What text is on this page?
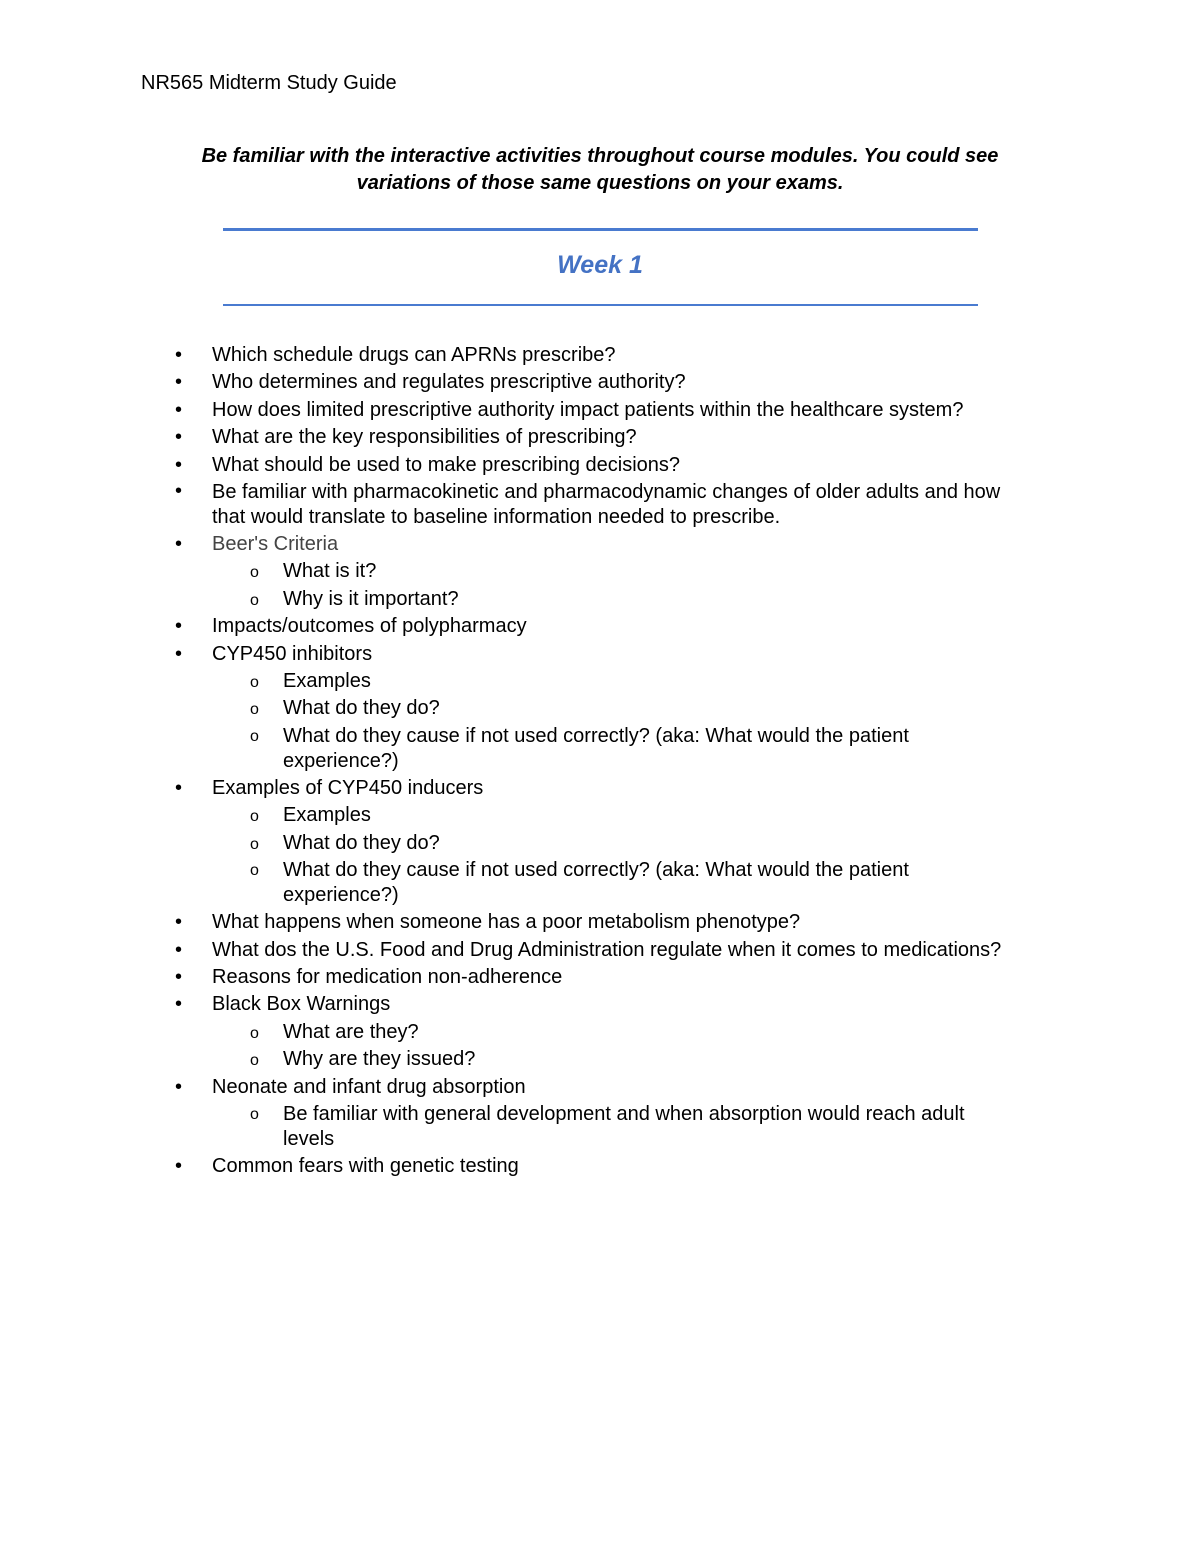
NR565 Midterm Study Guide
Be familiar with the interactive activities throughout course modules. You could see variations of those same questions on your exams.
Week 1
• Which schedule drugs can APRNs prescribe?
• Who determines and regulates prescriptive authority?
• How does limited prescriptive authority impact patients within the healthcare system?
• What are the key responsibilities of prescribing?
• What should be used to make prescribing decisions?
• Be familiar with pharmacokinetic and pharmacodynamic changes of older adults and how that would translate to baseline information needed to prescribe.
• Beer's Criteria
o What is it?
o Why is it important?
• Impacts/outcomes of polypharmacy
• CYP450 inhibitors
o Examples
o What do they do?
o What do they cause if not used correctly? (aka: What would the patient experience?)
• Examples of CYP450 inducers
o Examples
o What do they do?
o What do they cause if not used correctly? (aka: What would the patient experience?)
• What happens when someone has a poor metabolism phenotype?
• What dos the U.S. Food and Drug Administration regulate when it comes to medications?
• Reasons for medication non-adherence
• Black Box Warnings
o What are they?
o Why are they issued?
• Neonate and infant drug absorption
o Be familiar with general development and when absorption would reach adult levels
• Common fears with genetic testing
